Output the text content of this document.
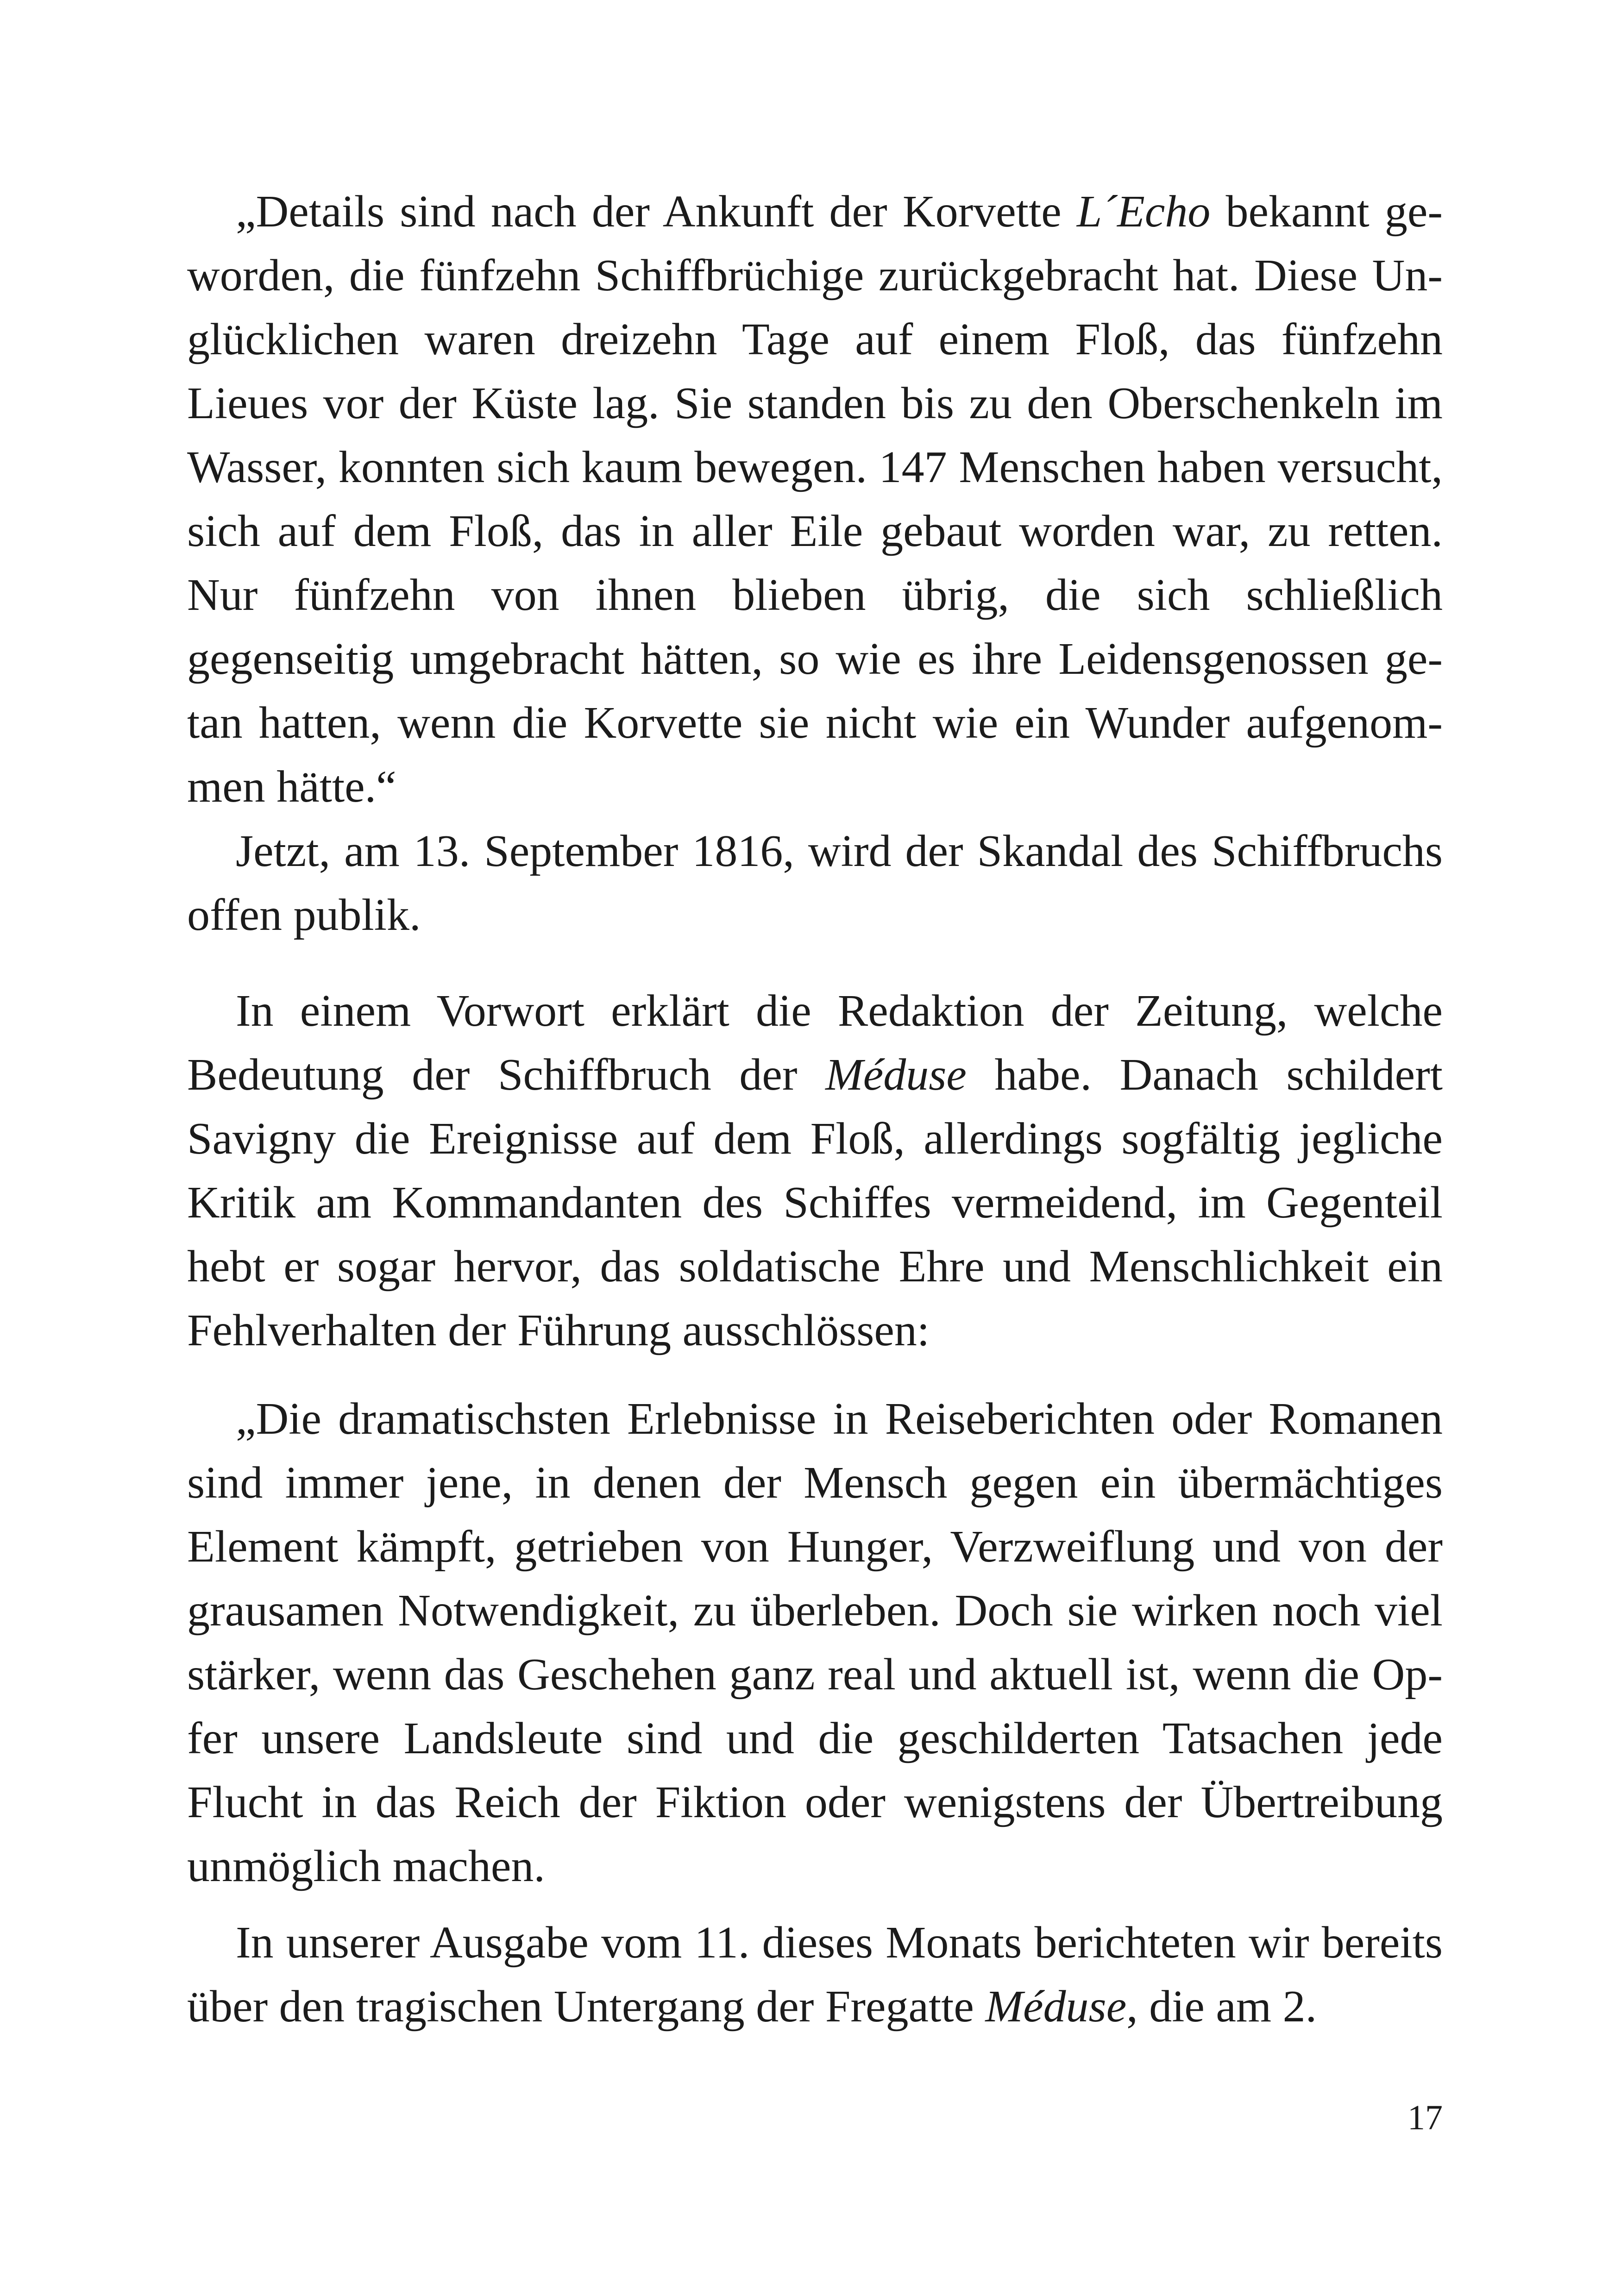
„Details sind nach der Ankunft der Korvette L´Echo bekannt geworden, die fünfzehn Schiffbrüchige zurückgebracht hat. Diese Unglücklichen waren dreizehn Tage auf einem Floß, das fünfzehn Lieues vor der Küste lag. Sie standen bis zu den Oberschenkeln im Wasser, konnten sich kaum bewegen. 147 Menschen haben versucht, sich auf dem Floß, das in aller Eile gebaut worden war, zu retten. Nur fünfzehn von ihnen blieben übrig, die sich schließlich gegenseitig umgebracht hätten, so wie es ihre Leidensgenossen getan hatten, wenn die Korvette sie nicht wie ein Wunder aufgenommen hätte.“

Jetzt, am 13. September 1816, wird der Skandal des Schiffbruchs offen publik.

In einem Vorwort erklärt die Redaktion der Zeitung, welche Bedeutung der Schiffbruch der Méduse habe. Danach schildert Savigny die Ereignisse auf dem Floß, allerdings sogfältig jegliche Kritik am Kommandanten des Schiffes vermeidend, im Gegenteil hebt er sogar hervor, das soldatische Ehre und Menschlichkeit ein Fehlverhalten der Führung ausschlössen:

„Die dramatischsten Erlebnisse in Reiseberichten oder Romanen sind immer jene, in denen der Mensch gegen ein übermächtiges Element kämpft, getrieben von Hunger, Verzweiflung und von der grausamen Notwendigkeit, zu überleben. Doch sie wirken noch viel stärker, wenn das Geschehen ganz real und aktuell ist, wenn die Opfer unsere Landsleute sind und die geschilderten Tatsachen jede Flucht in das Reich der Fiktion oder wenigstens der Übertreibung unmöglich machen.

In unserer Ausgabe vom 11. dieses Monats berichteten wir bereits über den tragischen Untergang der Fregatte Méduse, die am 2.

17
